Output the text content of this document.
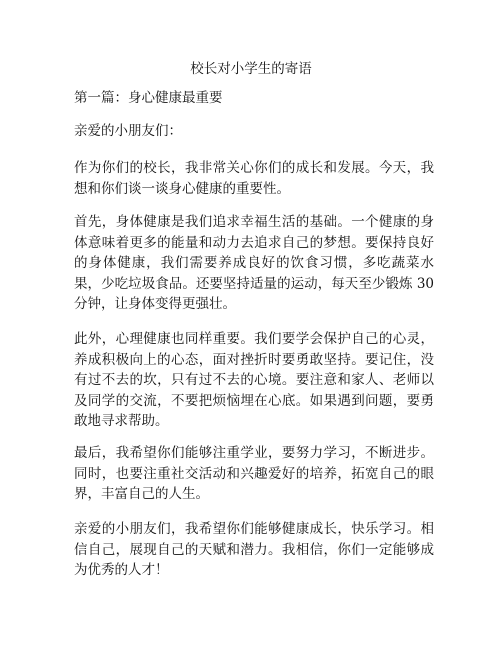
校长对小学生的寄语
第一篇：身心健康最重要
亲爱的小朋友们：
作为你们的校长，我非常关心你们的成长和发展。今天，我想和你们谈一谈身心健康的重要性。
首先，身体健康是我们追求幸福生活的基础。一个健康的身体意味着更多的能量和动力去追求自己的梦想。要保持良好的身体健康，我们需要养成良好的饮食习惯，多吃蔬菜水果，少吃垃圾食品。还要坚持适量的运动，每天至少锻炼 30 分钟，让身体变得更强壮。
此外，心理健康也同样重要。我们要学会保护自己的心灵，养成积极向上的心态，面对挫折时要勇敢坚持。要记住，没有过不去的坎，只有过不去的心境。要注意和家人、老师以及同学的交流，不要把烦恼埋在心底。如果遇到问题，要勇敢地寻求帮助。
最后，我希望你们能够注重学业，要努力学习，不断进步。同时，也要注重社交活动和兴趣爱好的培养，拓宽自己的眼界，丰富自己的人生。
亲爱的小朋友们，我希望你们能够健康成长，快乐学习。相信自己，展现自己的天赋和潜力。我相信，你们一定能够成为优秀的人才！
